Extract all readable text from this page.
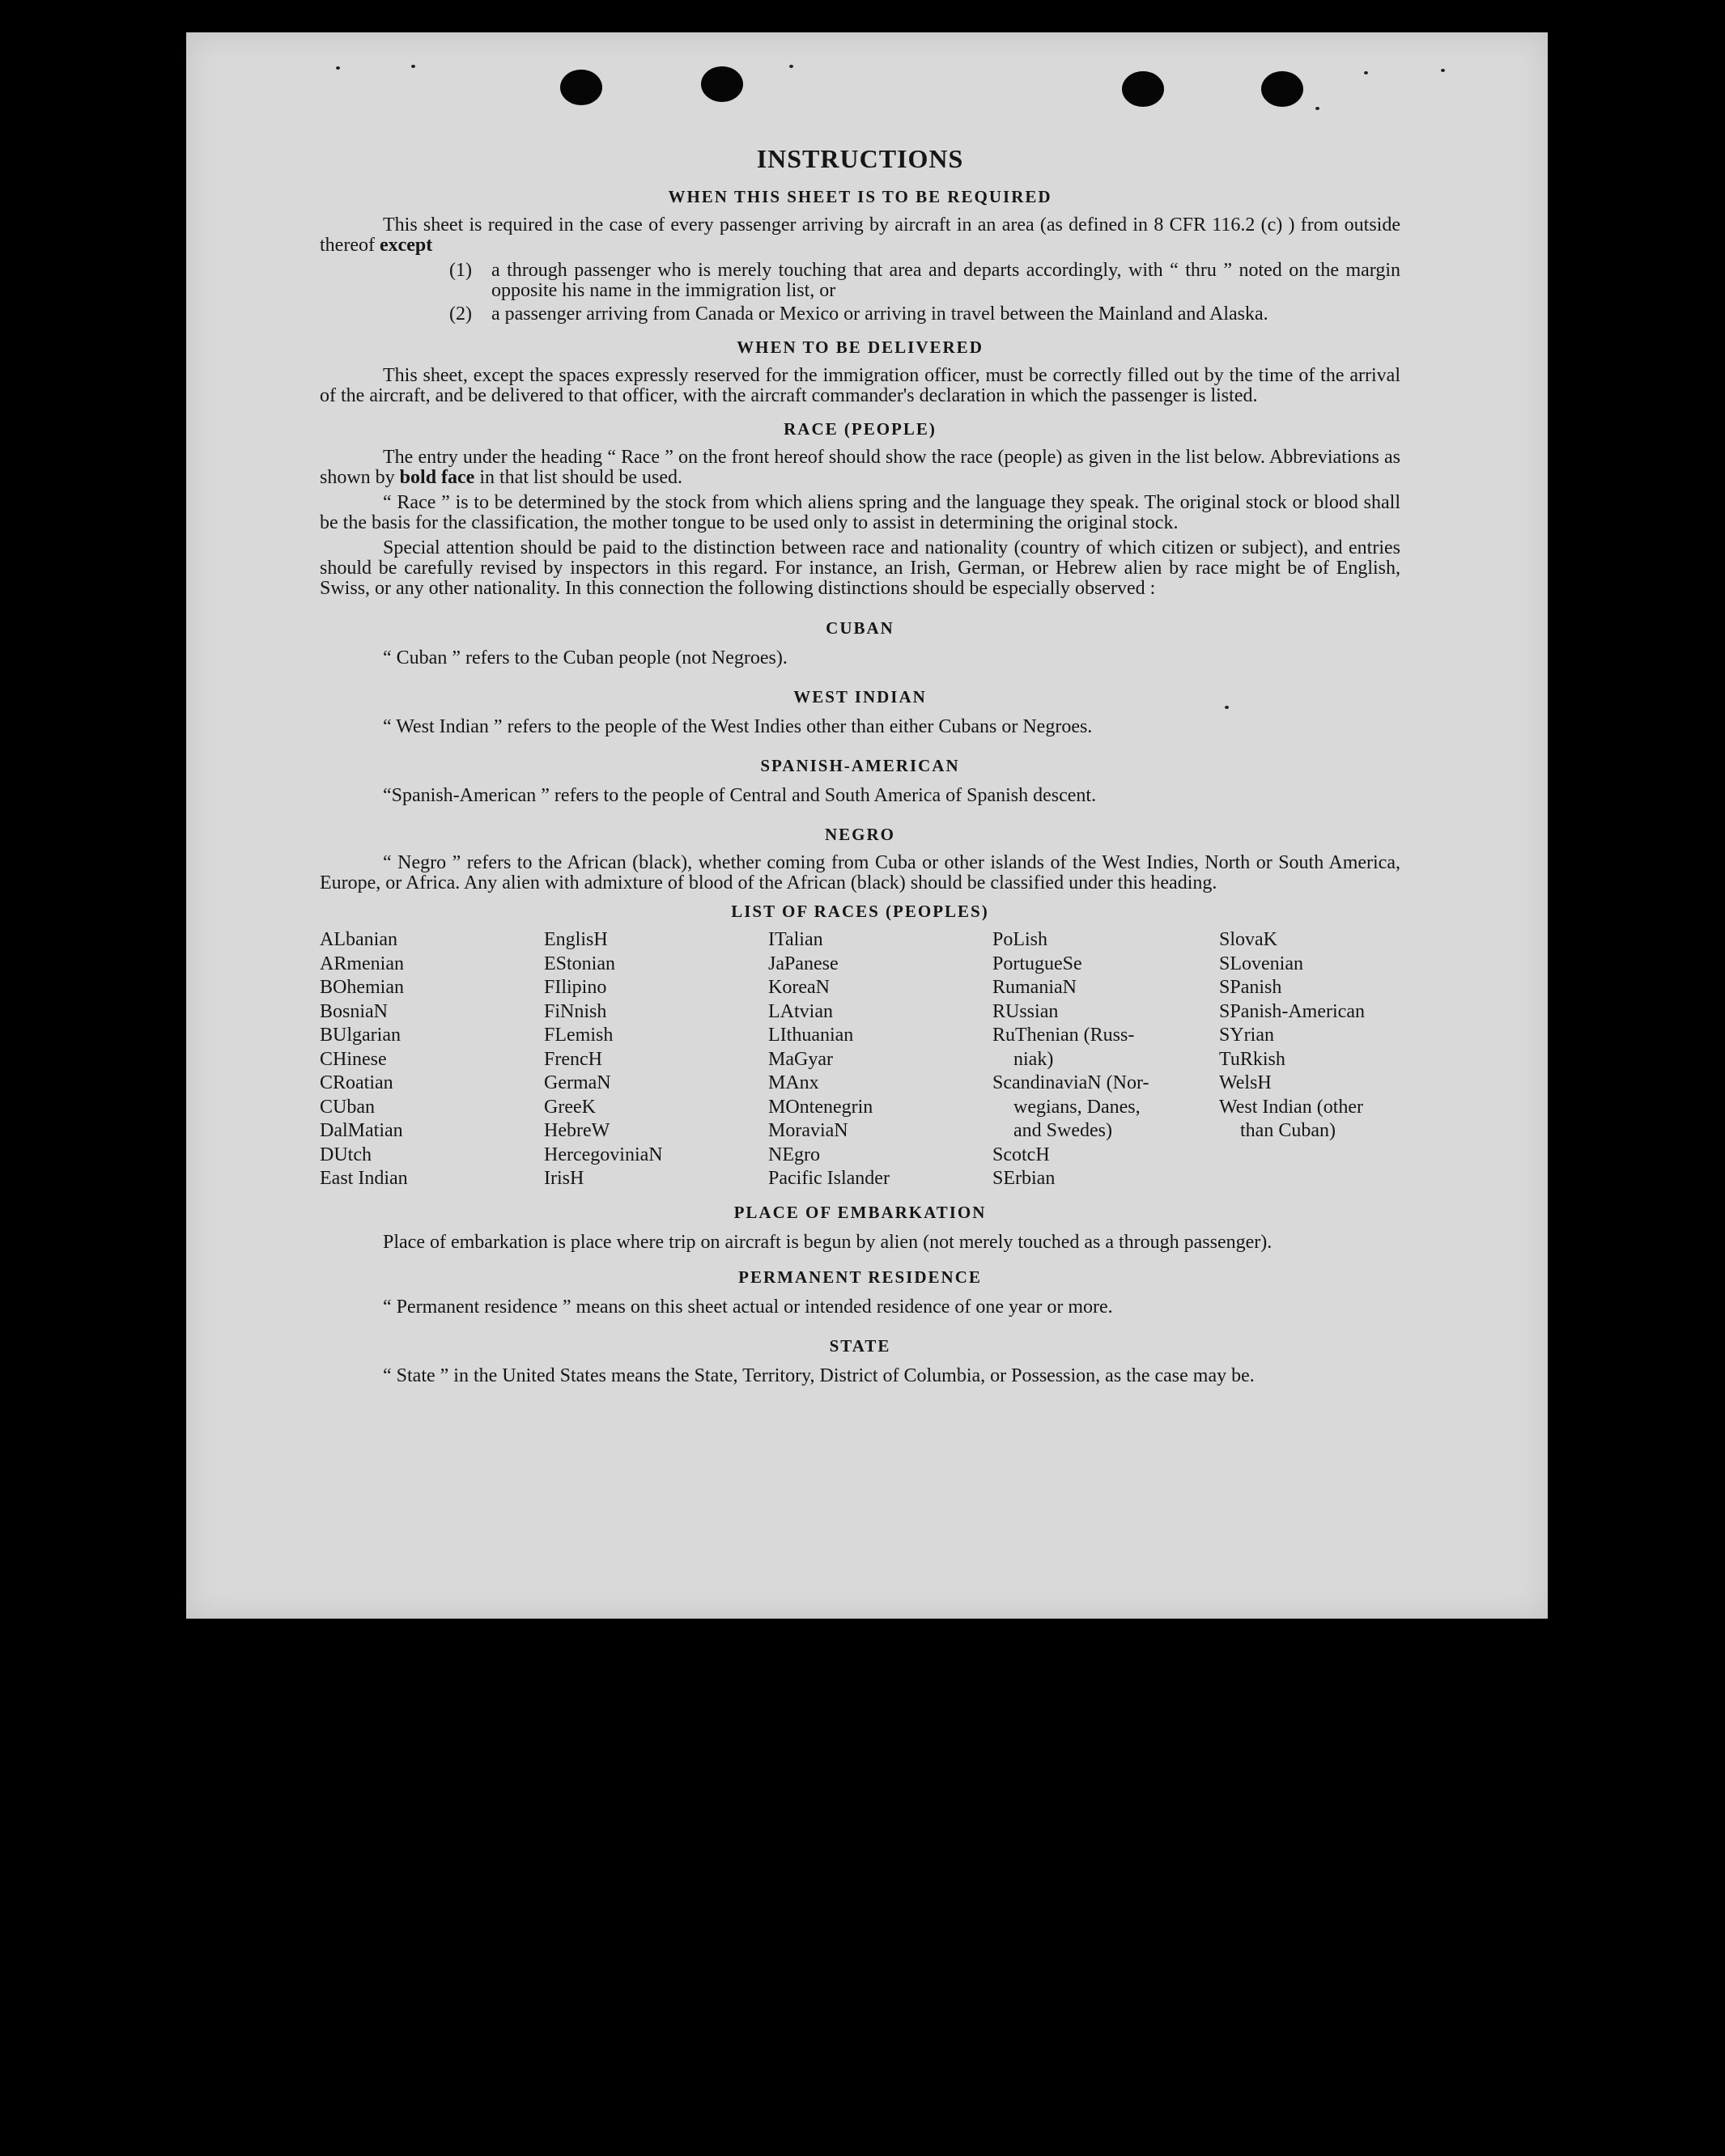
INSTRUCTIONS
WHEN THIS SHEET IS TO BE REQUIRED

This sheet is required in the case of every passenger arriving by aircraft in an area (as defined in 8 CFR 116.2 (c) ) from outside thereof except

(1)	a through passenger who is merely touching that area and departs accordingly, with “ thru ” noted on the margin opposite his name in the immigration list, or
(2)	a passenger arriving from Canada or Mexico or arriving in travel between the Mainland and Alaska.
WHEN TO BE DELIVERED

This sheet, except the spaces expressly reserved for the immigration officer, must be correctly filled out by the time of the arrival of the aircraft, and be delivered to that officer, with the aircraft commander's declaration in which the passenger is listed.

RACE (PEOPLE)

The entry under the heading “ Race ” on the front hereof should show the race (people) as given in the list below. Abbreviations as shown by bold face in that list should be used.

“ Race ” is to be determined by the stock from which aliens spring and the language they speak. The original stock or blood shall be the basis for the classification, the mother tongue to be used only to assist in determining the original stock.

Special attention should be paid to the distinction between race and nationality (country of which citizen or subject), and entries should be carefully revised by inspectors in this regard. For instance, an Irish, German, or Hebrew alien by race might be of English, Swiss, or any other nationality. In this connection the following distinctions should be especially observed :

CUBAN
“ Cuban ” refers to the Cuban people (not Negroes).
WEST INDIAN
“ West Indian ” refers to the people of the West Indies other than either Cubans or Negroes.
SPANISH-AMERICAN
“Spanish-American ” refers to the people of Central and South America of Spanish descent.
NEGRO

“ Negro ” refers to the African (black), whether coming from Cuba or other islands of the West Indies, North or South America, Europe, or Africa. Any alien with admixture of blood of the African (black) should be classified under this heading.

LIST OF RACES (PEOPLES)
ALbanian
ARmenian
BOhemian
BosniaN
BUlgarian
CHinese
CRoatian
CUban
DalMatian
DUtch
East Indian
EnglisH
EStonian
FIlipino
FiNnish
FLemish
FrencH
GermaN
GreeK
HebreW
HercegoviniaN
IrisH
ITalian
JaPanese
KoreaN
LAtvian
LIthuanian
MaGyar
MAnx
MOntenegrin
MoraviaN
NEgro
Pacific Islander
PoLish
PortugueSe
RumaniaN
RUssian
RuThenian (Russ-
niak)
ScandinaviaN (Nor-
wegians, Danes,
and Swedes)
ScotcH
SErbian
SlovaK
SLovenian
SPanish
SPanish-American
SYrian
TuRkish
WelsH
West Indian (other
than Cuban)
PLACE OF EMBARKATION

Place of embarkation is place where trip on aircraft is begun by alien (not merely touched as a through passenger).

PERMANENT RESIDENCE
“ Permanent residence ” means on this sheet actual or intended residence of one year or more.
STATE

“ State ” in the United States means the State, Territory, District of Columbia, or Possession, as the case may be.
